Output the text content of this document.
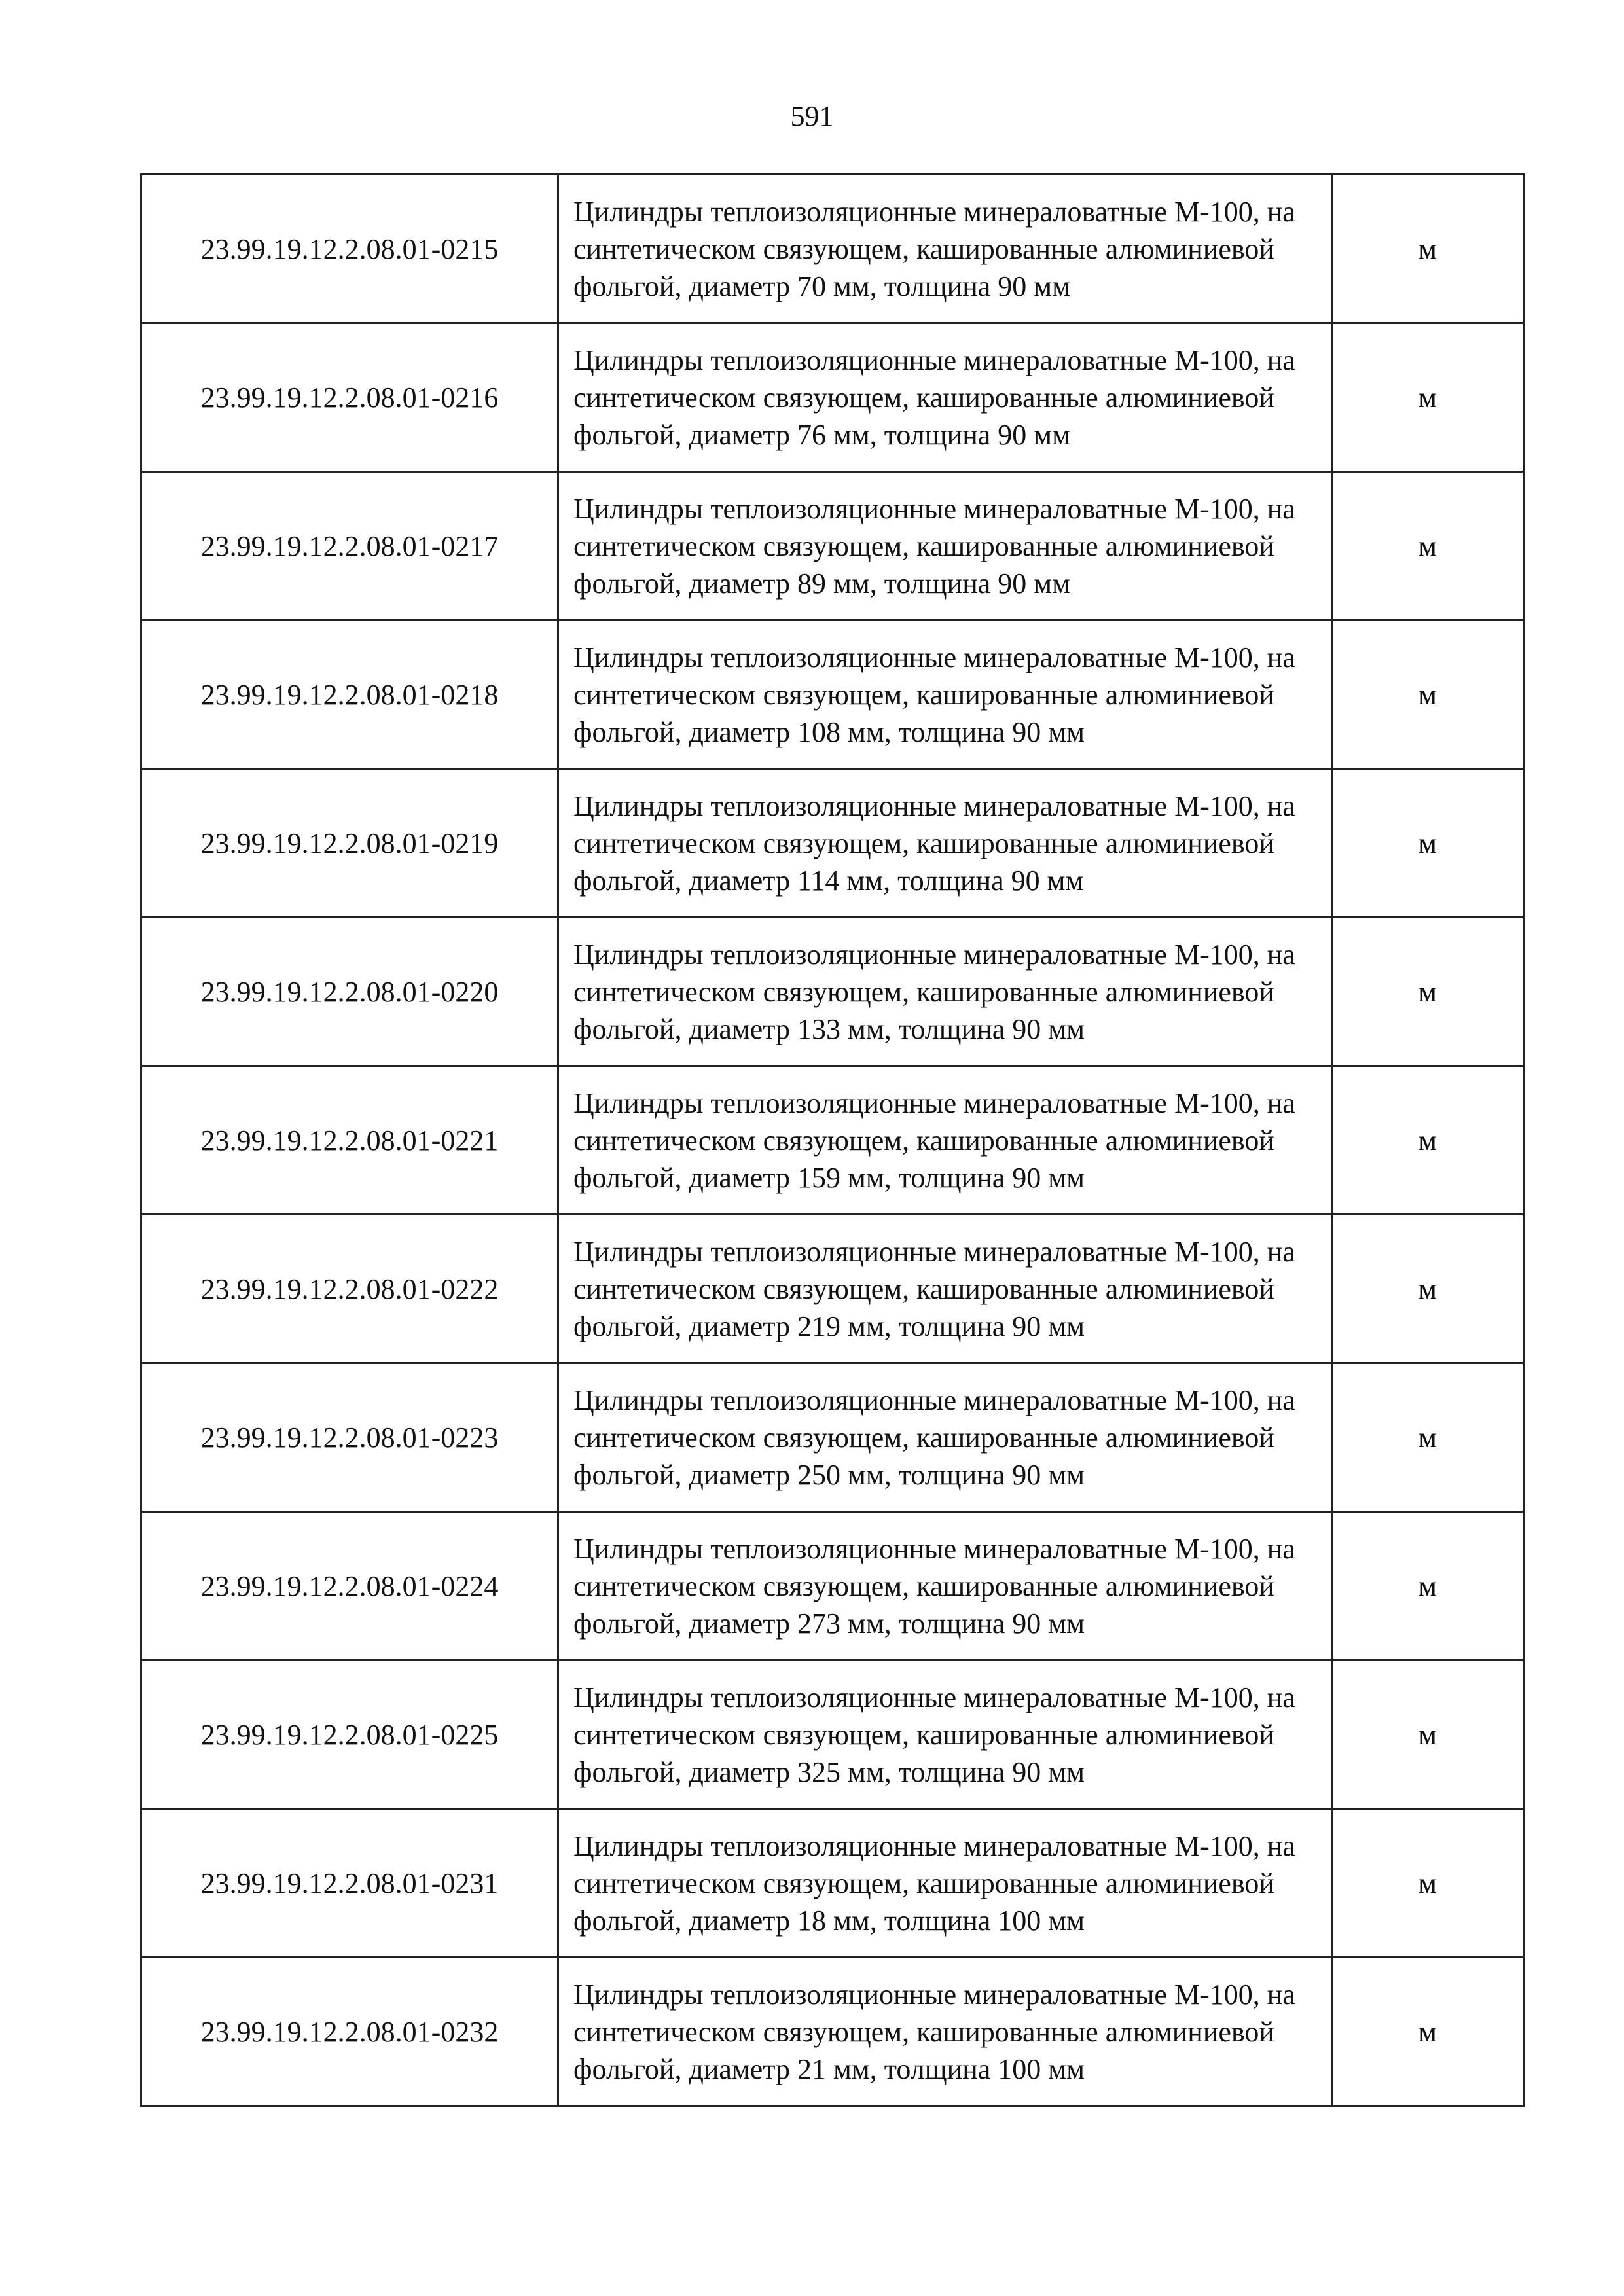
591
23.99.19.12.2.08.01-0215	Цилиндры теплоизоляционные минераловатные М-100, на синтетическом связующем, кашированные алюминиевой фольгой, диаметр 70 мм, толщина 90 мм	м
23.99.19.12.2.08.01-0216	Цилиндры теплоизоляционные минераловатные М-100, на синтетическом связующем, кашированные алюминиевой фольгой, диаметр 76 мм, толщина 90 мм	м
23.99.19.12.2.08.01-0217	Цилиндры теплоизоляционные минераловатные М-100, на синтетическом связующем, кашированные алюминиевой фольгой, диаметр 89 мм, толщина 90 мм	м
23.99.19.12.2.08.01-0218	Цилиндры теплоизоляционные минераловатные М-100, на синтетическом связующем, кашированные алюминиевой фольгой, диаметр 108 мм, толщина 90 мм	м
23.99.19.12.2.08.01-0219	Цилиндры теплоизоляционные минераловатные М-100, на синтетическом связующем, кашированные алюминиевой фольгой, диаметр 114 мм, толщина 90 мм	м
23.99.19.12.2.08.01-0220	Цилиндры теплоизоляционные минераловатные М-100, на синтетическом связующем, кашированные алюминиевой фольгой, диаметр 133 мм, толщина 90 мм	м
23.99.19.12.2.08.01-0221	Цилиндры теплоизоляционные минераловатные М-100, на синтетическом связующем, кашированные алюминиевой фольгой, диаметр 159 мм, толщина 90 мм	м
23.99.19.12.2.08.01-0222	Цилиндры теплоизоляционные минераловатные М-100, на синтетическом связующем, кашированные алюминиевой фольгой, диаметр 219 мм, толщина 90 мм	м
23.99.19.12.2.08.01-0223	Цилиндры теплоизоляционные минераловатные М-100, на синтетическом связующем, кашированные алюминиевой фольгой, диаметр 250 мм, толщина 90 мм	м
23.99.19.12.2.08.01-0224	Цилиндры теплоизоляционные минераловатные М-100, на синтетическом связующем, кашированные алюминиевой фольгой, диаметр 273 мм, толщина 90 мм	м
23.99.19.12.2.08.01-0225	Цилиндры теплоизоляционные минераловатные М-100, на синтетическом связующем, кашированные алюминиевой фольгой, диаметр 325 мм, толщина 90 мм	м
23.99.19.12.2.08.01-0231	Цилиндры теплоизоляционные минераловатные М-100, на синтетическом связующем, кашированные алюминиевой фольгой, диаметр 18 мм, толщина 100 мм	м
23.99.19.12.2.08.01-0232	Цилиндры теплоизоляционные минераловатные М-100, на синтетическом связующем, кашированные алюминиевой фольгой, диаметр 21 мм, толщина 100 мм	м
